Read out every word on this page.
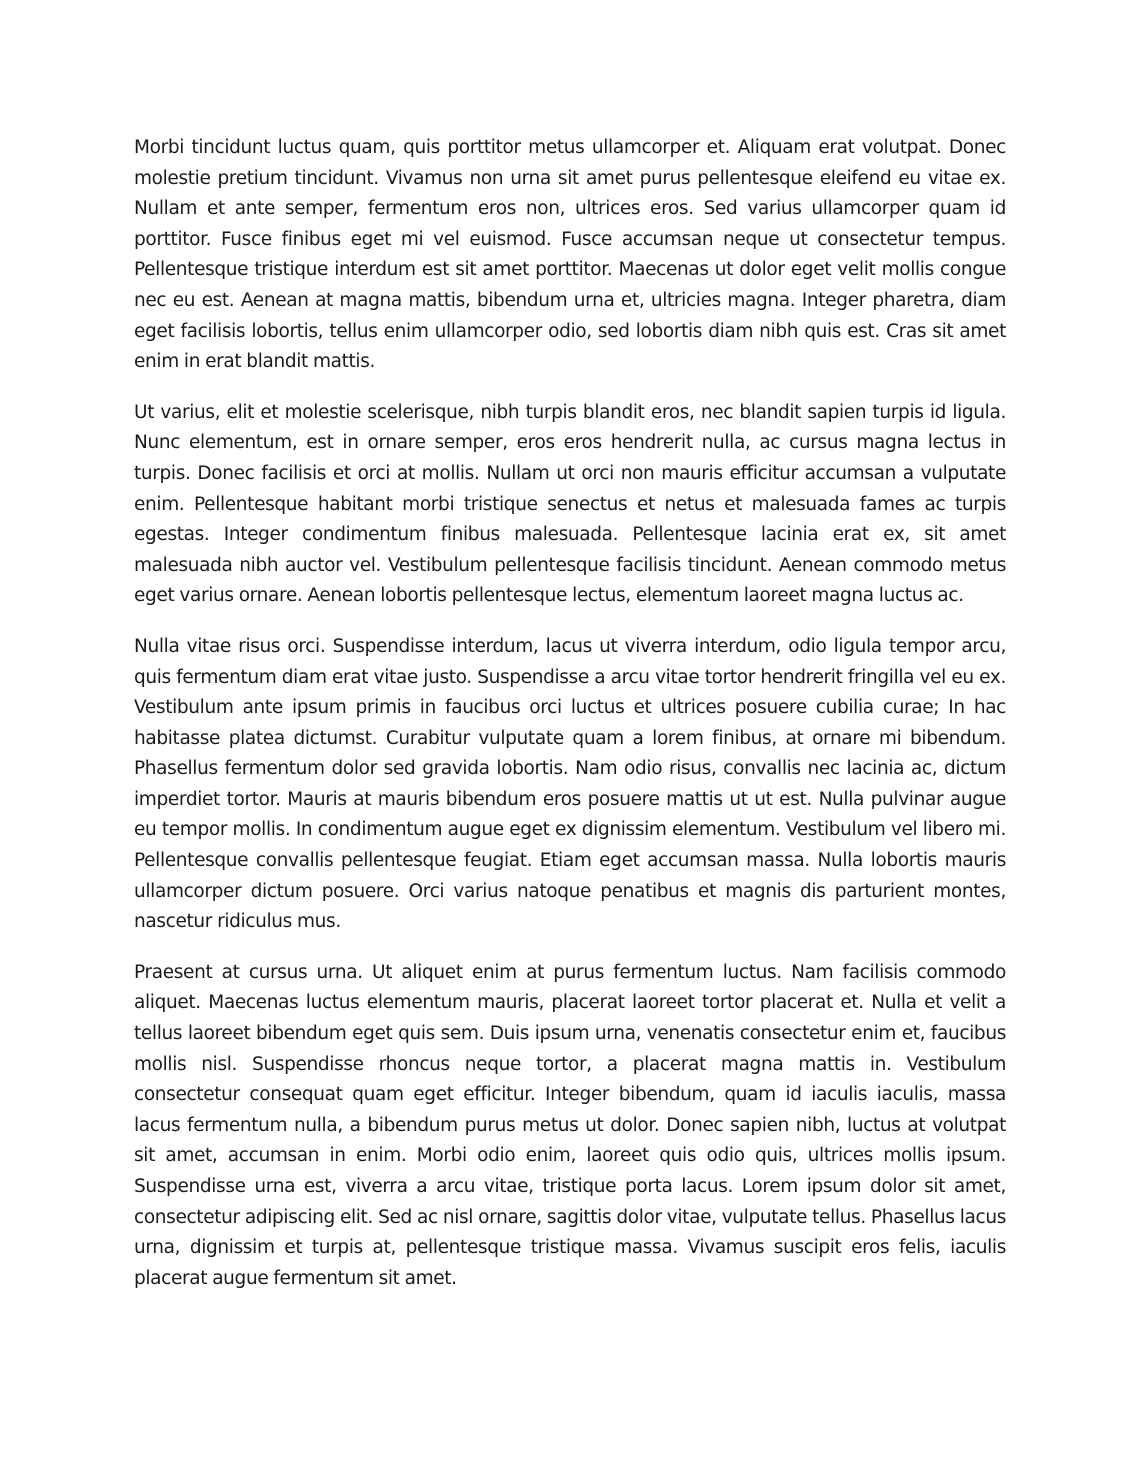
Morbi tincidunt luctus quam, quis porttitor metus ullamcorper et. Aliquam erat volutpat. Donec molestie pretium tincidunt. Vivamus non urna sit amet purus pellentesque eleifend eu vitae ex. Nullam et ante semper, fermentum eros non, ultrices eros. Sed varius ullamcorper quam id porttitor. Fusce finibus eget mi vel euismod. Fusce accumsan neque ut consectetur tempus. Pellentesque tristique interdum est sit amet porttitor. Maecenas ut dolor eget velit mollis congue nec eu est. Aenean at magna mattis, bibendum urna et, ultricies magna. Integer pharetra, diam eget facilisis lobortis, tellus enim ullamcorper odio, sed lobortis diam nibh quis est. Cras sit amet enim in erat blandit mattis.

Ut varius, elit et molestie scelerisque, nibh turpis blandit eros, nec blandit sapien turpis id ligula. Nunc elementum, est in ornare semper, eros eros hendrerit nulla, ac cursus magna lectus in turpis. Donec facilisis et orci at mollis. Nullam ut orci non mauris efficitur accumsan a vulputate enim. Pellentesque habitant morbi tristique senectus et netus et malesuada fames ac turpis egestas. Integer condimentum finibus malesuada. Pellentesque lacinia erat ex, sit amet malesuada nibh auctor vel. Vestibulum pellentesque facilisis tincidunt. Aenean commodo metus eget varius ornare. Aenean lobortis pellentesque lectus, elementum laoreet magna luctus ac.

Nulla vitae risus orci. Suspendisse interdum, lacus ut viverra interdum, odio ligula tempor arcu, quis fermentum diam erat vitae justo. Suspendisse a arcu vitae tortor hendrerit fringilla vel eu ex. Vestibulum ante ipsum primis in faucibus orci luctus et ultrices posuere cubilia curae; In hac habitasse platea dictumst. Curabitur vulputate quam a lorem finibus, at ornare mi bibendum. Phasellus fermentum dolor sed gravida lobortis. Nam odio risus, convallis nec lacinia ac, dictum imperdiet tortor. Mauris at mauris bibendum eros posuere mattis ut ut est. Nulla pulvinar augue eu tempor mollis. In condimentum augue eget ex dignissim elementum. Vestibulum vel libero mi. Pellentesque convallis pellentesque feugiat. Etiam eget accumsan massa. Nulla lobortis mauris ullamcorper dictum posuere. Orci varius natoque penatibus et magnis dis parturient montes, nascetur ridiculus mus.

Praesent at cursus urna. Ut aliquet enim at purus fermentum luctus. Nam facilisis commodo aliquet. Maecenas luctus elementum mauris, placerat laoreet tortor placerat et. Nulla et velit a tellus laoreet bibendum eget quis sem. Duis ipsum urna, venenatis consectetur enim et, faucibus mollis nisl. Suspendisse rhoncus neque tortor, a placerat magna mattis in. Vestibulum consectetur consequat quam eget efficitur. Integer bibendum, quam id iaculis iaculis, massa lacus fermentum nulla, a bibendum purus metus ut dolor. Donec sapien nibh, luctus at volutpat sit amet, accumsan in enim. Morbi odio enim, laoreet quis odio quis, ultrices mollis ipsum. Suspendisse urna est, viverra a arcu vitae, tristique porta lacus. Lorem ipsum dolor sit amet, consectetur adipiscing elit. Sed ac nisl ornare, sagittis dolor vitae, vulputate tellus. Phasellus lacus urna, dignissim et turpis at, pellentesque tristique massa. Vivamus suscipit eros felis, iaculis placerat augue fermentum sit amet.
